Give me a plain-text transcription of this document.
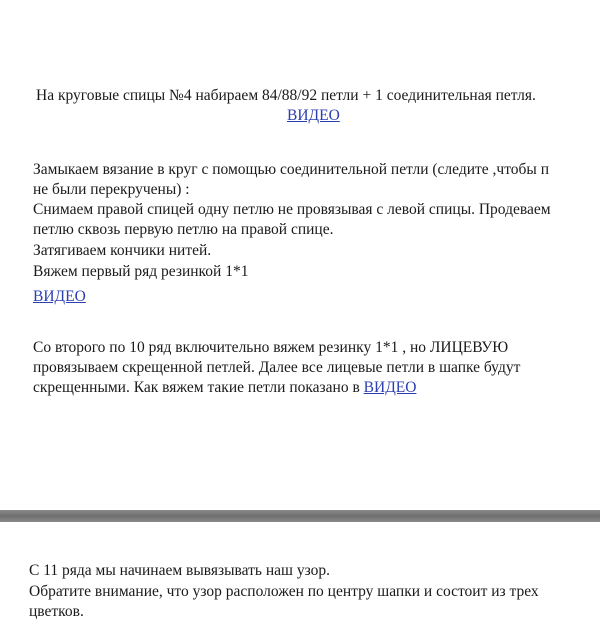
На круговые спицы №4 набираем 84/88/92 петли + 1 соединительная петля.
ВИДЕО
Замыкаем вязание в круг с помощью соединительной петли (следите ,чтобы п
не были перекручены) :
Снимаем правой спицей одну петлю не провязывая с левой спицы. Продеваем
петлю сквозь первую петлю на правой спице.
Затягиваем кончики нитей.
Вяжем первый ряд резинкой 1*1
ВИДЕО
Со второго по 10 ряд включительно вяжем резинку 1*1 , но ЛИЦЕВУЮ
провязываем скрещенной петлей. Далее все лицевые петли в шапке будут
скрещенными. Как вяжем такие петли показано в ВИДЕО
С 11 ряда мы начинаем вывязывать наш узор.
Обратите внимание, что узор расположен по центру шапки и состоит из трех
цветков.
